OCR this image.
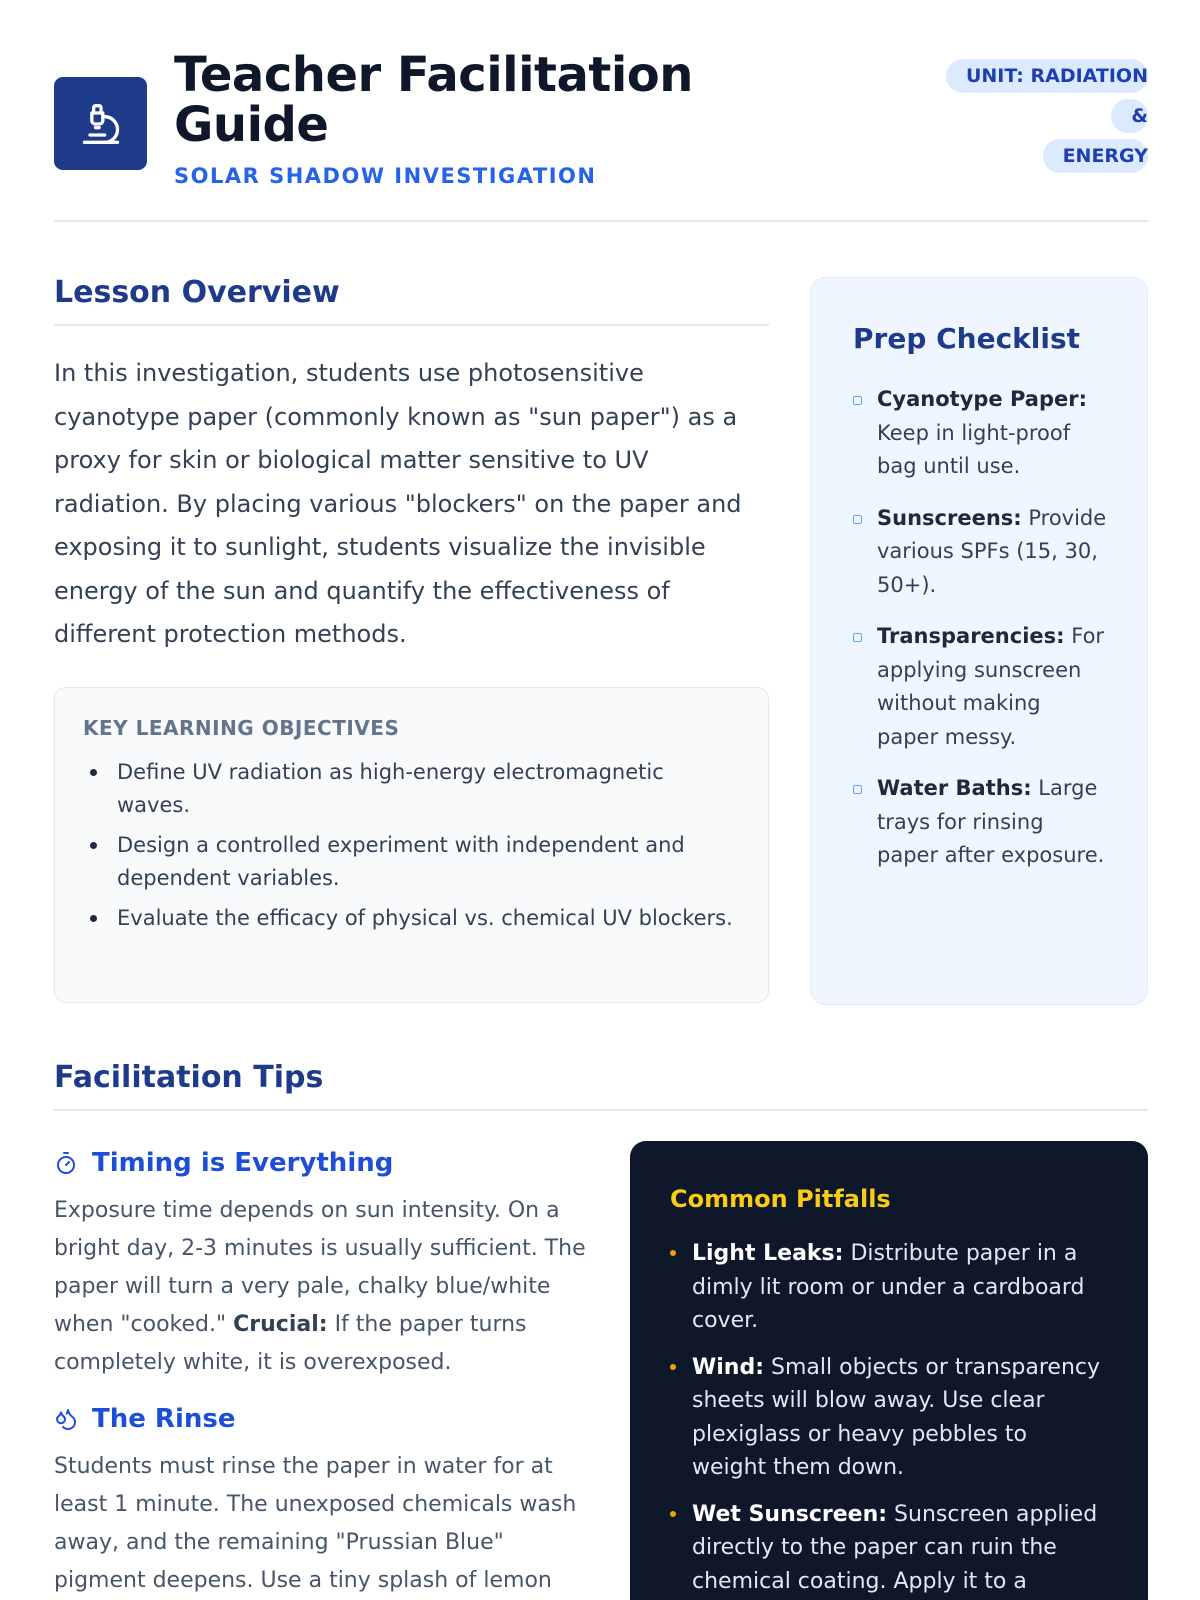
Teacher Facilitation Guide
SOLAR SHADOW INVESTIGATION
UNIT: RADIATION &
ENERGY
Lesson Overview

In this investigation, students use photosensitive cyanotype paper (commonly known as "sun paper") as a proxy for skin or biological matter sensitive to UV radiation. By placing various "blockers" on the paper and exposing it to sunlight, students visualize the invisible energy of the sun and quantify the effectiveness of different protection methods.

KEY LEARNING OBJECTIVES
Define UV radiation as high-energy electromagnetic waves.
Design a controlled experiment with independent and dependent variables.
Evaluate the efficacy of physical vs. chemical UV blockers.
Prep Checklist
Cyanotype Paper: Keep in light-proof bag until use.
Sunscreens: Provide various SPFs (15, 30, 50+).
Transparencies: For applying sunscreen without making paper messy.
Water Baths: Large trays for rinsing paper after exposure.
Facilitation Tips
Timing is Everything

Exposure time depends on sun intensity. On a bright day, 2-3 minutes is usually sufficient. The paper will turn a very pale, chalky blue/white when "cooked." Crucial: If the paper turns completely white, it is overexposed.

The Rinse

Students must rinse the paper in water for at least 1 minute. The unexposed chemicals wash away, and the remaining "Prussian Blue" pigment deepens. Use a tiny splash of lemon

Common Pitfalls
Light Leaks: Distribute paper in a dimly lit room or under a cardboard cover.
Wind: Small objects or transparency sheets will blow away. Use clear plexiglass or heavy pebbles to weight them down.
Wet Sunscreen: Sunscreen applied directly to the paper can ruin the chemical coating. Apply it to a
